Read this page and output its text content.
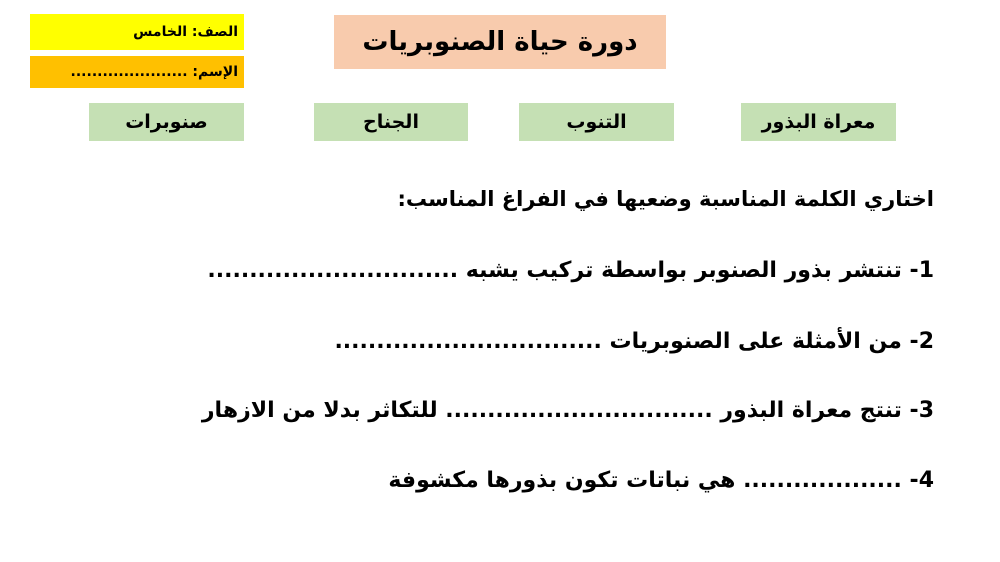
الصف: الخامس
الإسم: ......................
دورة حياة الصنوبريات
معراة البذور
التنوب
الجناح
صنوبرات
اختاري الكلمة المناسبة وضعيها في الفراغ المناسب:
1- تنتشر بذور الصنوبر بواسطة تركيب يشبه ..............................
2- من الأمثلة على الصنوبريات ................................
3- تنتج معراة البذور ................................ للتكاثر بدلا من الازهار
4- ................... هي نباتات تكون بذورها مكشوفة
